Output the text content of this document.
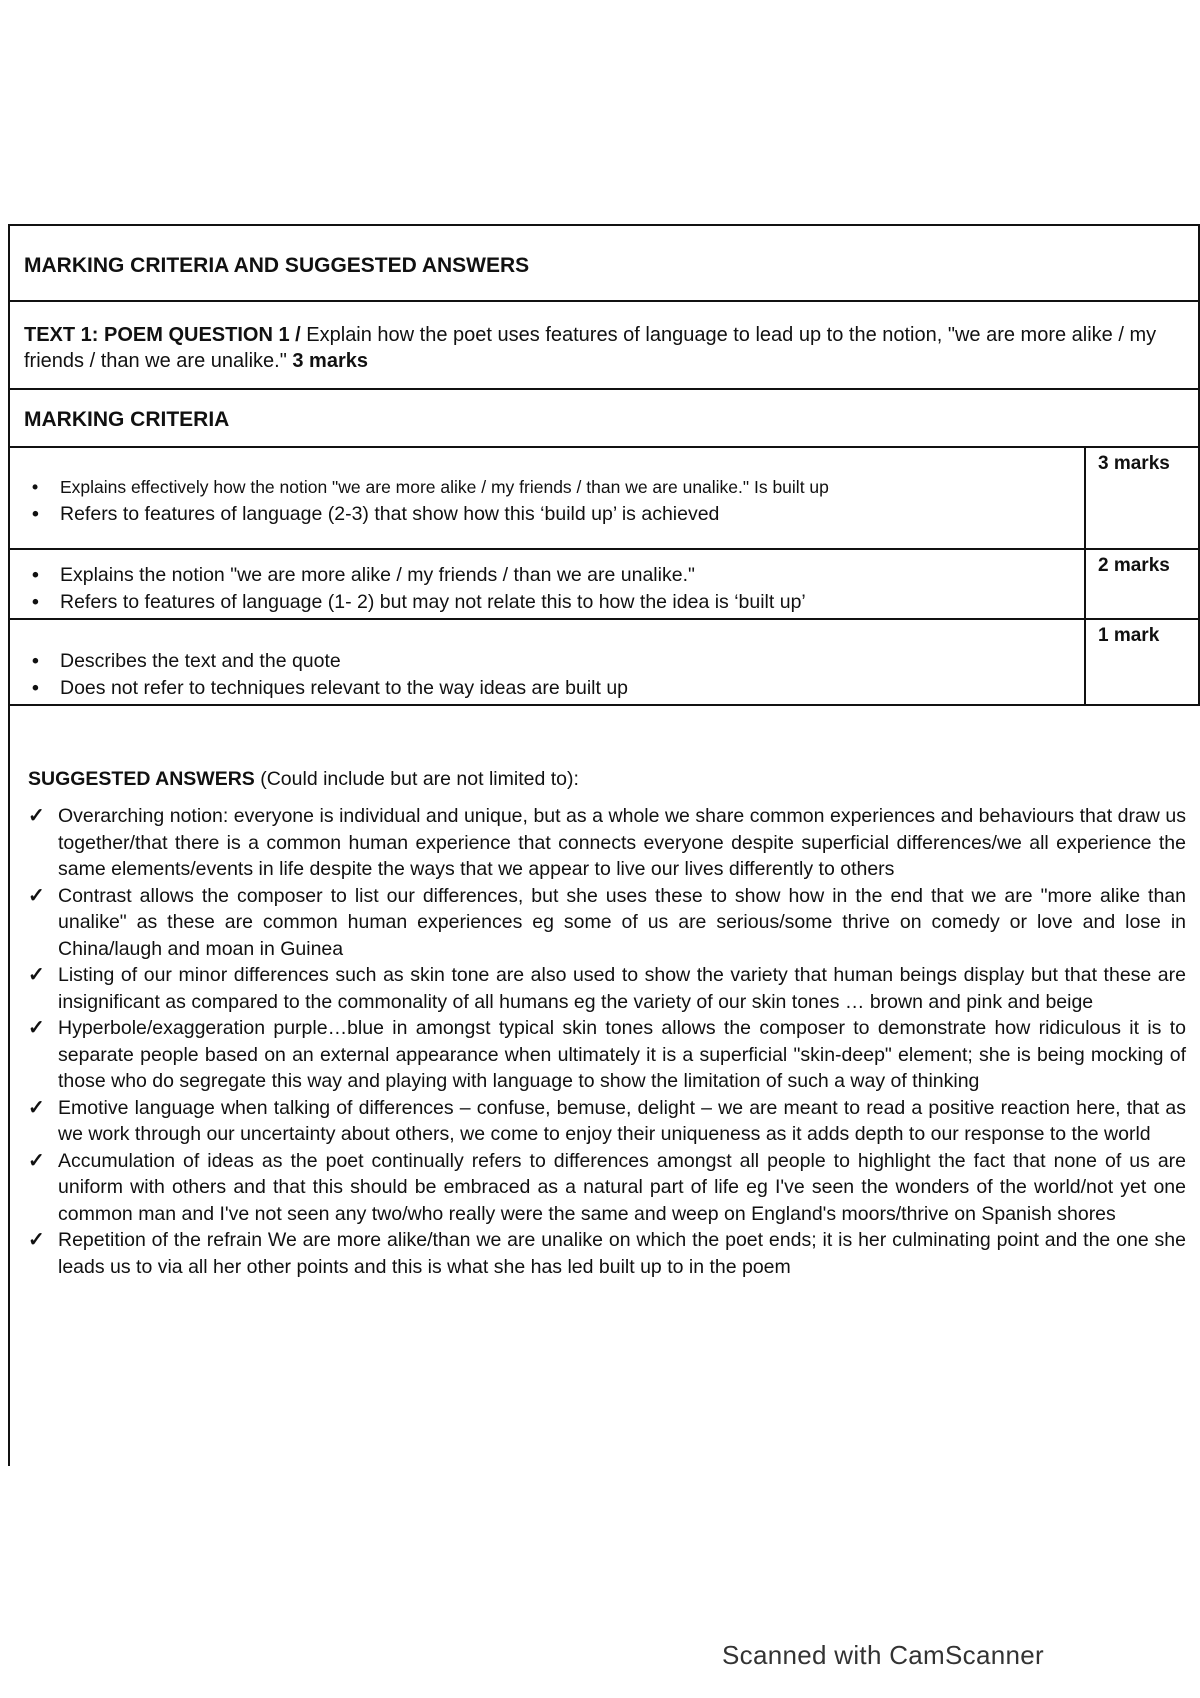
MARKING CRITERIA AND SUGGESTED ANSWERS
TEXT 1: POEM QUESTION 1 / Explain how the poet uses features of language to lead up to the notion, "we are more alike / my friends / than we are unalike." 3 marks
MARKING CRITERIA
• Explains effectively how the notion "we are more alike / my friends / than we are unalike." Is built up
• Refers to features of language (2-3) that show how this ‘build up’ is achieved
3 marks
• Explains the notion "we are more alike / my friends / than we are unalike."
• Refers to features of language (1- 2) but may not relate this to how the idea is ‘built up’
2 marks
• Describes the text and the quote
• Does not refer to techniques relevant to the way ideas are built up
1 mark
SUGGESTED ANSWERS (Could include but are not limited to):
✓ Overarching notion: everyone is individual and unique, but as a whole we share common experiences and behaviours that draw us together/that there is a common human experience that connects everyone despite superficial differences/we all experience the same elements/events in life despite the ways that we appear to live our lives differently to others
✓ Contrast allows the composer to list our differences, but she uses these to show how in the end that we are "more alike than unalike" as these are common human experiences eg some of us are serious/some thrive on comedy or love and lose in China/laugh and moan in Guinea
✓ Listing of our minor differences such as skin tone are also used to show the variety that human beings display but that these are insignificant as compared to the commonality of all humans eg the variety of our skin tones … brown and pink and beige
✓ Hyperbole/exaggeration purple…blue in amongst typical skin tones allows the composer to demonstrate how ridiculous it is to separate people based on an external appearance when ultimately it is a superficial "skin-deep" element; she is being mocking of those who do segregate this way and playing with language to show the limitation of such a way of thinking
✓ Emotive language when talking of differences – confuse, bemuse, delight – we are meant to read a positive reaction here, that as we work through our uncertainty about others, we come to enjoy their uniqueness as it adds depth to our response to the world
✓ Accumulation of ideas as the poet continually refers to differences amongst all people to highlight the fact that none of us are uniform with others and that this should be embraced as a natural part of life eg I've seen the wonders of the world/not yet one common man and I've not seen any two/who really were the same and weep on England's moors/thrive on Spanish shores
✓ Repetition of the refrain We are more alike/than we are unalike on which the poet ends; it is her culminating point and the one she leads us to via all her other points and this is what she has led built up to in the poem
Scanned with CamScanner
